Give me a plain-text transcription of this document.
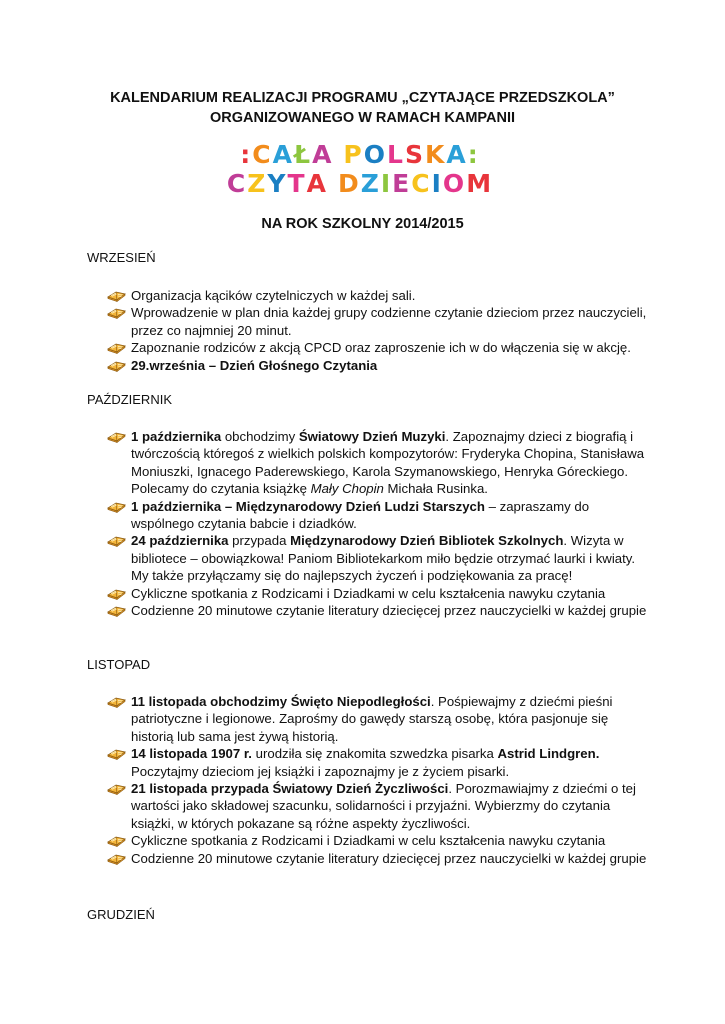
KALENDARIUM REALIZACJI PROGRAMU „CZYTAJĄCE PRZEDSZKOLA”
ORGANIZOWANEGO W RAMACH KAMPANII
:CAŁA POLSKA:
CZYTA DZIECIOM
NA ROK SZKOLNY 2014/2015
WRZESIEŃ
Organizacja kącików czytelniczych w każdej sali.
Wprowadzenie w plan dnia każdej grupy codzienne czytanie dzieciom przez nauczycieli, przez co najmniej 20 minut.
Zapoznanie rodziców z akcją CPCD oraz zaproszenie ich w do włączenia się w akcję.
29.września – Dzień Głośnego Czytania
PAŹDZIERNIK
1 października obchodzimy Światowy Dzień Muzyki. Zapoznajmy dzieci z biografią i twórczością któregoś z wielkich polskich kompozytorów: Fryderyka Chopina, Stanisława Moniuszki, Ignacego Paderewskiego, Karola Szymanowskiego, Henryka Góreckiego. Polecamy do czytania książkę Mały Chopin Michała Rusinka.
1 października – Międzynarodowy Dzień Ludzi Starszych – zapraszamy do wspólnego czytania babcie i dziadków.
24 października przypada Międzynarodowy Dzień Bibliotek Szkolnych. Wizyta w bibliotece – obowiązkowa! Paniom Bibliotekarkom miło będzie otrzymać laurki i kwiaty. My także przyłączamy się do najlepszych życzeń i podziękowania za pracę!
Cykliczne spotkania z Rodzicami i Dziadkami w celu kształcenia nawyku czytania
Codzienne 20 minutowe czytanie literatury dziecięcej przez nauczycielki w każdej grupie
LISTOPAD
11 listopada obchodzimy Święto Niepodległości. Pośpiewajmy z dziećmi pieśni patriotyczne i legionowe. Zaprośmy do gawędy starszą osobę, która pasjonuje się historią lub sama jest żywą historią.
14 listopada 1907 r. urodziła się znakomita szwedzka pisarka Astrid Lindgren. Poczytajmy dzieciom jej książki i zapoznajmy je z życiem pisarki.
21 listopada przypada Światowy Dzień Życzliwości. Porozmawiajmy z dziećmi o tej wartości jako składowej szacunku, solidarności i przyjaźni. Wybierzmy do czytania książki, w których pokazane są różne aspekty życzliwości.
Cykliczne spotkania z Rodzicami i Dziadkami w celu kształcenia nawyku czytania
Codzienne 20 minutowe czytanie literatury dziecięcej przez nauczycielki w każdej grupie
GRUDZIEŃ
